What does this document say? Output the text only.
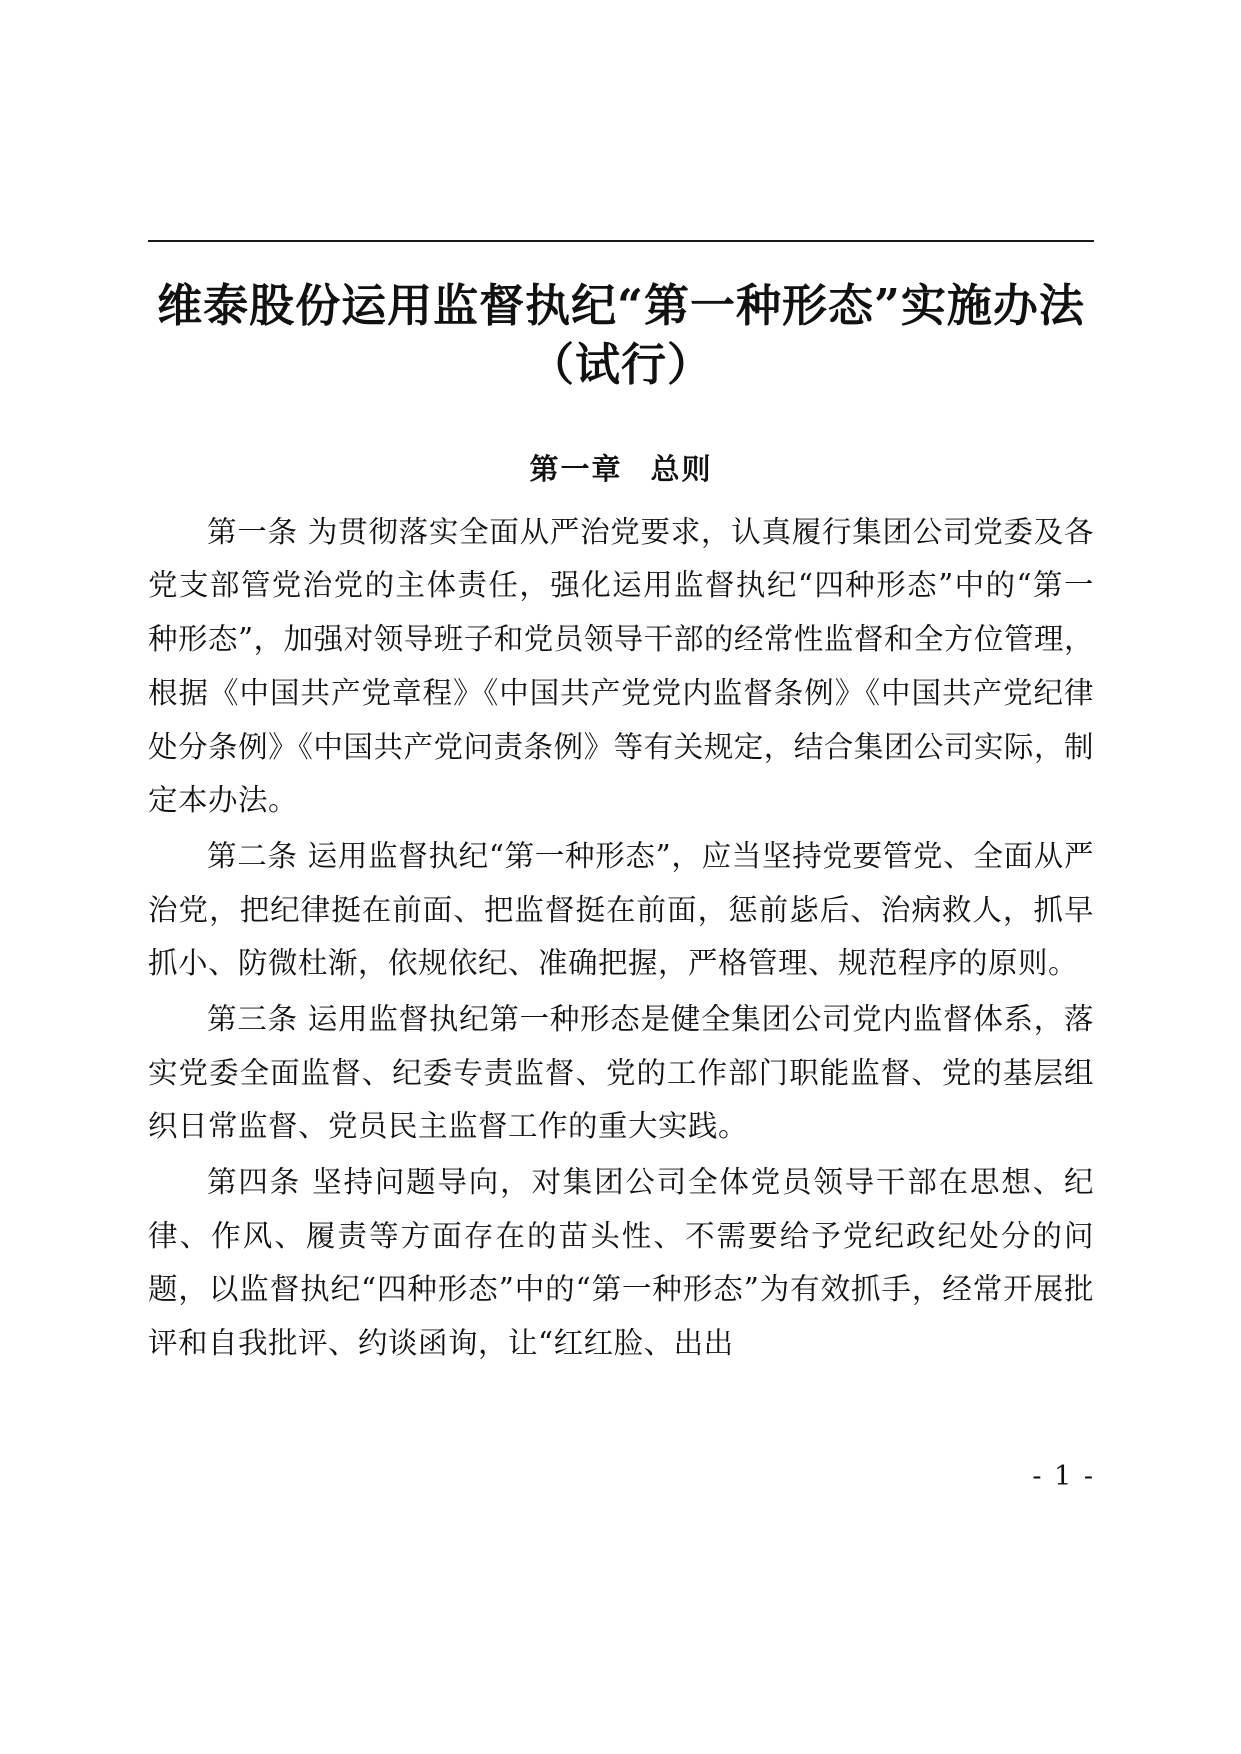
维泰股份运用监督执纪“第一种形态”实施办法（试行）
第一章 总则

第一条 为贯彻落实全面从严治党要求，认真履行集团公司党委及各党支部管党治党的主体责任，强化运用监督执纪“四种形态”中的“第一种形态”，加强对领导班子和党员领导干部的经常性监督和全方位管理，根据《中国共产党章程》《中国共产党党内监督条例》《中国共产党纪律处分条例》《中国共产党问责条例》等有关规定，结合集团公司实际，制定本办法。

第二条 运用监督执纪“第一种形态”，应当坚持党要管党、全面从严治党，把纪律挺在前面、把监督挺在前面，惩前毖后、治病救人，抓早抓小、防微杜渐，依规依纪、准确把握，严格管理、规范程序的原则。

第三条 运用监督执纪第一种形态是健全集团公司党内监督体系，落实党委全面监督、纪委专责监督、党的工作部门职能监督、党的基层组织日常监督、党员民主监督工作的重大实践。

第四条 坚持问题导向，对集团公司全体党员领导干部在思想、纪律、作风、履责等方面存在的苗头性、不需要给予党纪政纪处分的问题，以监督执纪“四种形态”中的“第一种形态”为有效抓手，经常开展批评和自我批评、约谈函询，让“红红脸、出出

- 1 -
